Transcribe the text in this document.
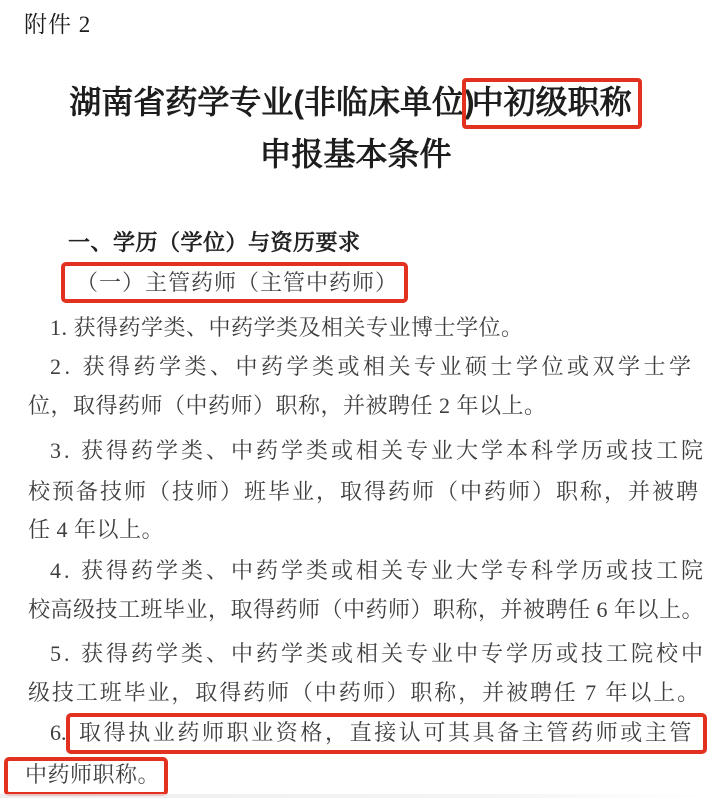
附件 2
湖南省药学专业(非临床单位)中初级职称
申报基本条件
一、学历（学位）与资历要求
（一）主管药师（主管中药师）
1. 获得药学类、中药学类及相关专业博士学位。
2. 获得药学类、中药学类或相关专业硕士学位或双学士学
位，取得药师（中药师）职称，并被聘任 2 年以上。
3. 获得药学类、中药学类或相关专业大学本科学历或技工院
校预备技师（技师）班毕业，取得药师（中药师）职称，并被聘
任 4 年以上。
4. 获得药学类、中药学类或相关专业大学专科学历或技工院
校高级技工班毕业，取得药师（中药师）职称，并被聘任 6 年以上。
5. 获得药学类、中药学类或相关专业中专学历或技工院校中
级技工班毕业，取得药师（中药师）职称，并被聘任 7 年以上。
6. 取得执业药师职业资格，直接认可其具备主管药师或主管
中药师职称。
